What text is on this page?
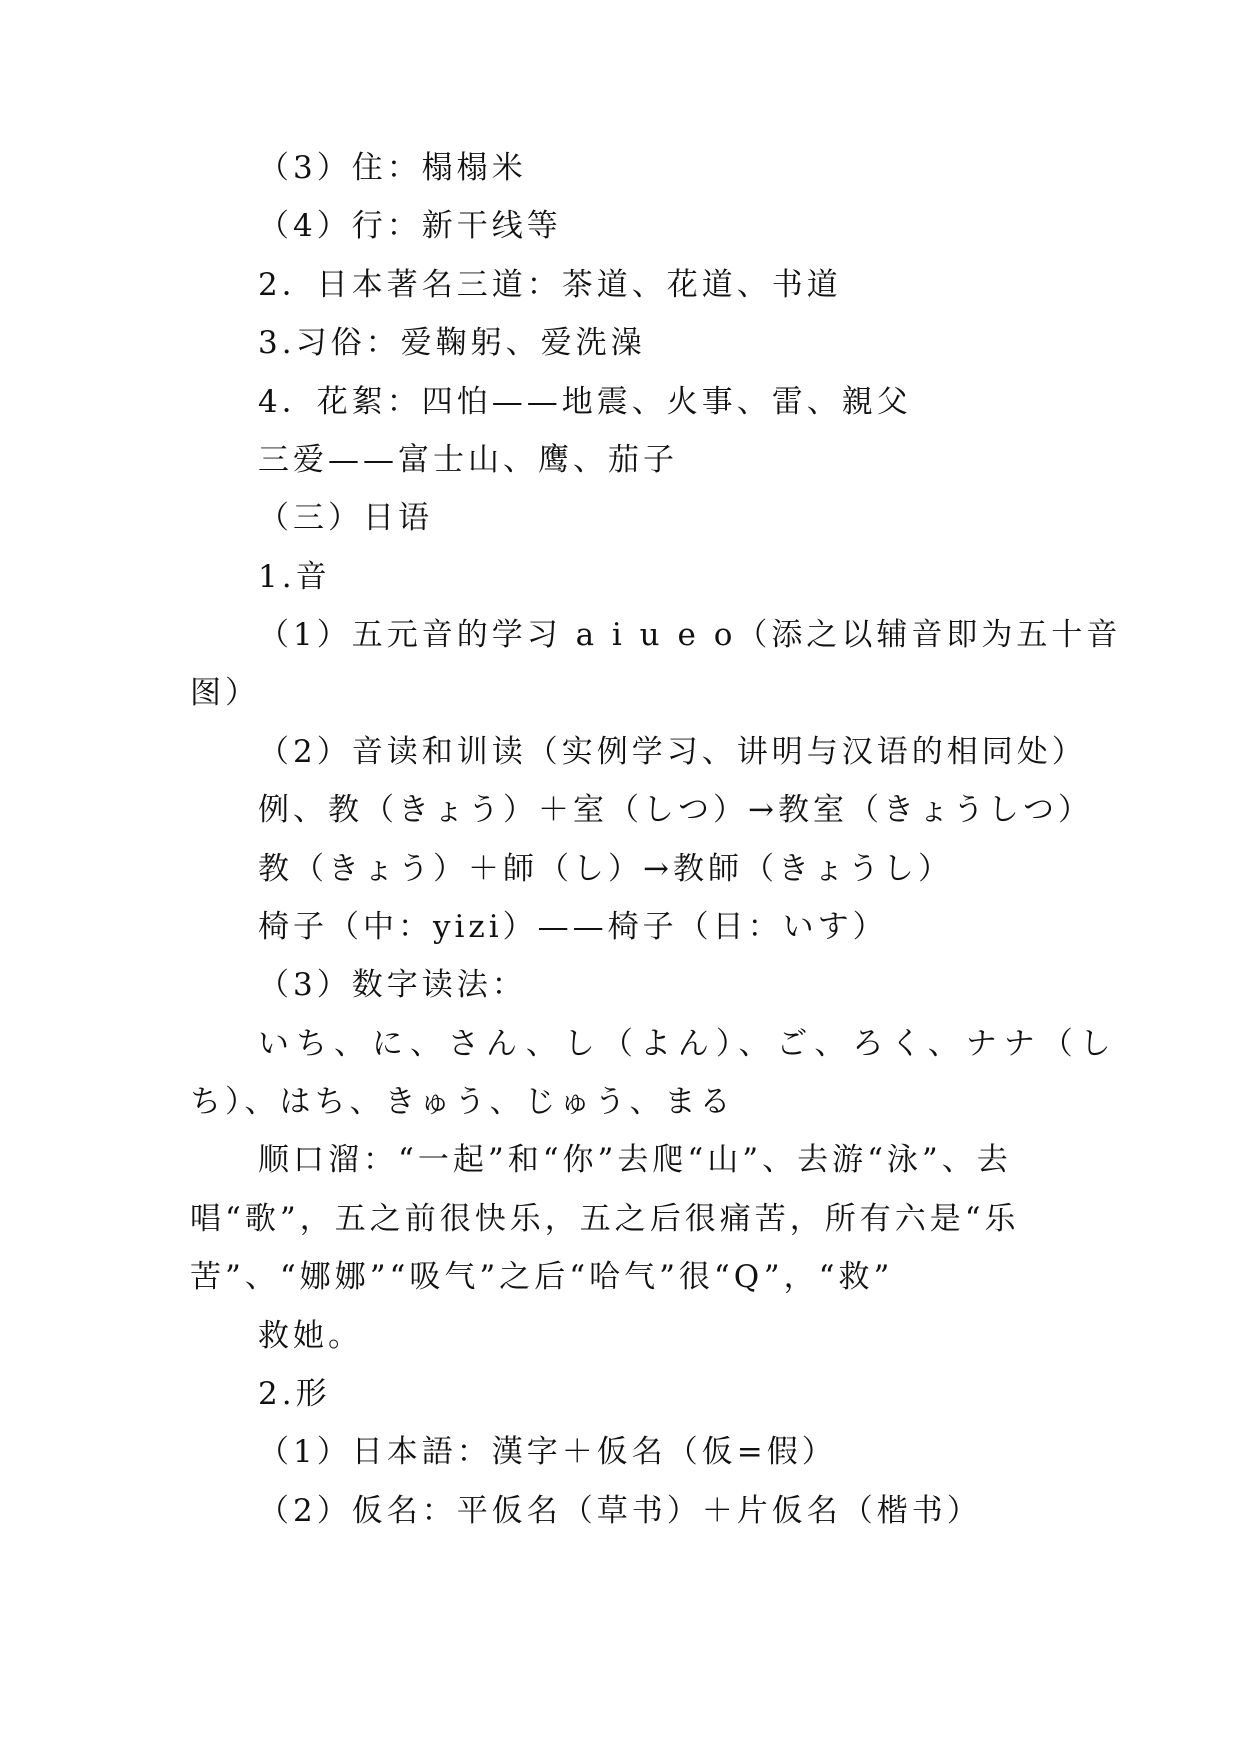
（3）住：榻榻米
（4）行：新干线等
2．日本著名三道：茶道、花道、书道
3.习俗：爱鞠躬、爱洗澡
4．花絮：四怕——地震、火事、雷、親父
三爱——富士山、鹰、茄子
（三）日语
1.音
（1）五元音的学习 a i u e o（添之以辅音即为五十音
图）
（2）音读和训读（实例学习、讲明与汉语的相同处）
例、教（きょう）＋室（しつ）→教室（きょうしつ）
教（きょう）＋師（し）→教師（きょうし）
椅子（中：yizi）——椅子（日：いす）
（3）数字读法：
いち、に、さん、し（よん）、ご、ろく、ナナ（し
ち）、はち、きゅう、じゅう、まる
顺口溜：“一起”和“你”去爬“山”、去游“泳”、去
唱“歌”，五之前很快乐，五之后很痛苦，所有六是“乐
苦”、“娜娜”“吸气”之后“哈气”很“Q”，“救”
救她。
2.形
（1）日本語：漢字＋仮名（仮=假）
（2）仮名：平仮名（草书）＋片仮名（楷书）
